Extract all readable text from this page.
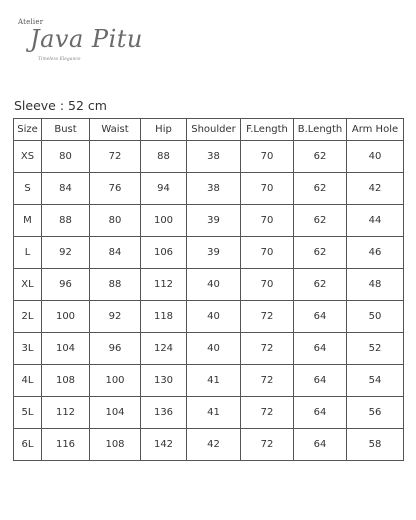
Atelier
Java Pitu
Timeless Elegance
Sleeve : 52 cm
Size	Bust	Waist	Hip	Shoulder	F.Length	B.Length	Arm Hole
XS	80	72	88	38	70	62	40
S	84	76	94	38	70	62	42
M	88	80	100	39	70	62	44
L	92	84	106	39	70	62	46
XL	96	88	112	40	70	62	48
2L	100	92	118	40	72	64	50
3L	104	96	124	40	72	64	52
4L	108	100	130	41	72	64	54
5L	112	104	136	41	72	64	56
6L	116	108	142	42	72	64	58
